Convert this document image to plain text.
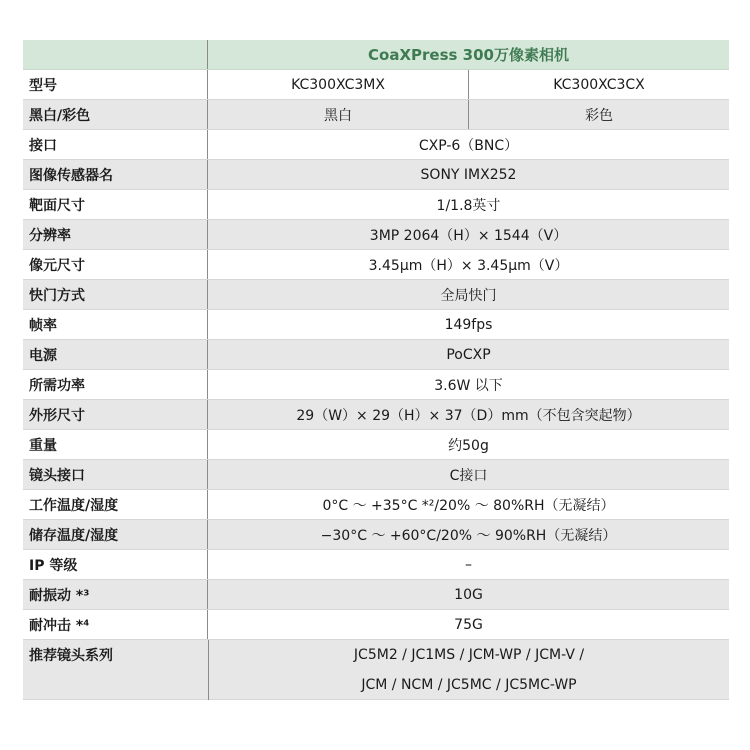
CoaXPress 300万像素相机
型号	KC300XC3MX	KC300XC3CX
黑白/彩色	黑白	彩色
接口	CXP-6（BNC）
图像传感器名	SONY IMX252
靶面尺寸	1/1.8英寸
分辨率	3MP 2064（H）× 1544（V）
像元尺寸	3.45μm（H）× 3.45μm（V）
快门方式	全局快门
帧率	149fps
电源	PoCXP
所需功率	3.6W 以下
外形尺寸	29（W）× 29（H）× 37（D）mm（不包含突起物）
重量	约50g
镜头接口	C接口
工作温度/湿度	0°C ～ +35°C *²/20% ～ 80%RH（无凝结）
储存温度/湿度	−30°C ～ +60°C/20% ～ 90%RH（无凝结）
IP 等级	–
耐振动 *³	10G
耐冲击 *⁴	75G
推荐镜头系列	JC5M2 / JC1MS / JCM-WP / JCM-V /
JCM / NCM / JC5MC / JC5MC-WP
